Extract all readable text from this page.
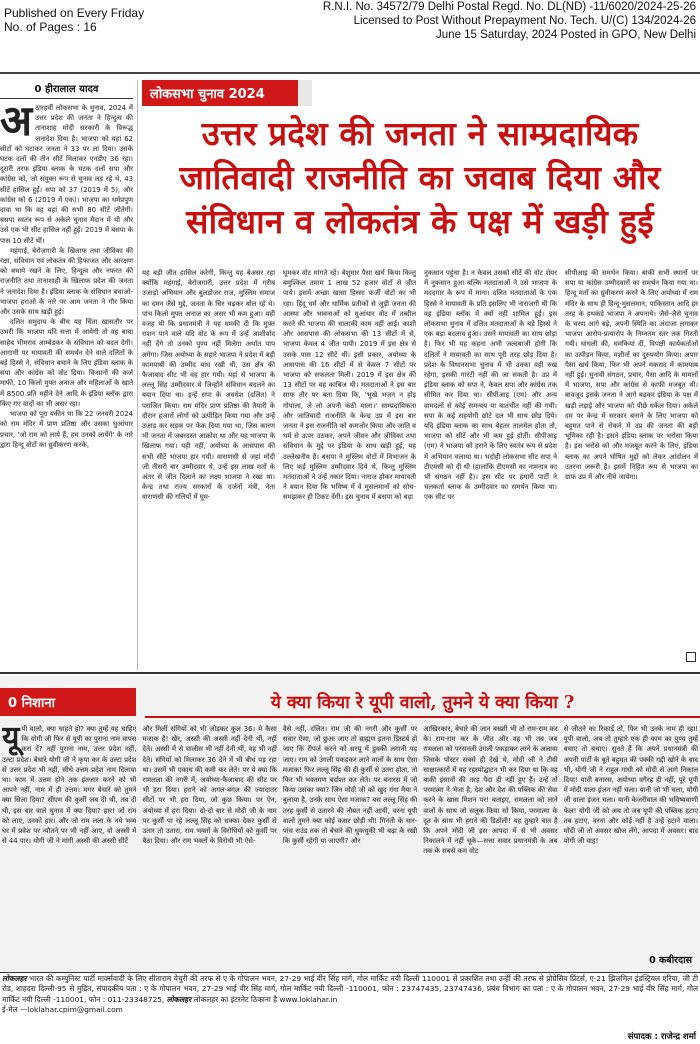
Published on Every Friday
No. of Pages : 16
R.N.I. No. 34572/79 Delhi Postal Regd. No. DL(ND) -11/6020/2024-25-26
Licensed to Post Without Prepayment No. Tech. U/(C) 134/2024-26
June 15 Saturday, 2024 Posted in GPO, New Delhi
0 हीरालाल यादव
अ ठारहवीं लोकसभा के चुनाव, 2024 में उत्तर प्रदेश की जनता ने हिन्दुत्व की तानाशाह मोदी सरकारी के विरूद्ध जनादेश दिया है। भाजपा को यहां 62 सीटों को घटाकर जनता ने 33 पर ला दिया। उसके घटक दलों की तीन सीटें मिलाकर एनडीए 36 रहा। दूसरी तरफ इंडिया ब्लाक के घटक दलों सपा और कांग्रेस को, जो संयुक्त रूप से चुनाव लड़ रहे थे, 43 सीटें हासिल हुईं। सपा को 37 (2019 में 5), और कांग्रेस को 6 (2019 में एक)। भाजपा का धर्मप्रपुण दावा था कि वह यहां की सभी 80 सीटें जीतेगी। बसपा स्वतंत्र रूप से अकेले चुनाव मैदान में थी और उसे एक भी सीट हासिल नहीं हुई। 2019 में बसपा के पास 10 सीटें थीं।

महंगाई, बेरोजगारी के खिलाफ तथा जीविका की रक्षा, संविधान एवं लोकतंत्र की हिफाजत और आरक्षण को बचाये रखने के लिए, हिन्दुत्व और नफरत की राजनीति तथा तानाशाही के खिलाफ प्रदेश की जनता ने जनादेश दिया है। इंडिया ब्लाक के संविधान बचाओ-भाजपा हराओ के नारे पर आम जनता ने गौर किया और उसके साथ खड़ी हुई।

दलित समुदाय के बीच यह चिंता खासतौर पर उभरी कि भाजपा यदि सत्ता में आयेगी तो वह बाबा साहेब भीमराव आम्बेडकर के संविधान को बदल देगी। आगामी पर मायावती की समर्थन देने वाले दलितों के बड़े हिस्से ने, संविधान बचाने के लिए इंडिया ब्लाक के सपा और कांग्रेस को वोट दिया। किसानों की कर्ज माफी, 10 किलो मुफ्त अनाज और महिलाओं के खाते में 8500 प्रति महीने देने आदि के इंडिया ब्लॉक द्वारा किए गए वादों का भी असर रहा।

भाजपा को पूरा यकीन था कि 22 जनवरी 2024 को राम मंदिर में प्राण प्रतिष्ठा और उसका धुआंधार प्रचार, 'जो राम को लाये हैं, हम उनको लायेंगे' के नारे द्वारा हिन्दू वोटों का ध्रुवीकरण करके,

लोकसभा चुनाव 2024
उत्तर प्रदेश की जनता ने साम्प्रदायिक
जातिवादी राजनीति का जवाब दिया और
संविधान व लोकतंत्र के पक्ष में खड़ी हुई
यह बड़ी जीत हासिल करेगी, किन्तु यह बेअसर रहा क्योंकि महंगाई, बेरोजगारी, उत्तर प्रदेश में गरीब उजाड़ो अभियान और बुलडोजर राज, मुस्लिम समाज का दमन जैसे मुद्दे, जनता के सिर चढ़कर बोल रहे थे। पांच किलो मुफ्त अनाज का असर भी कम हुआ। यही वजह थी कि प्रधानमंत्री ने यह धमकी दी कि मुफ्त राशन पाने वाले यदि वोट के रूप में उन्हें आशीर्वाद नहीं देंगे तो उनको पुण्य नहीं मिलेगा अर्थात पाप लगेगा। जिस अयोध्या के सहारे भाजपा ने प्रदेश में बड़ी कामयाबी की उम्मीद बांध रखी थी, उस क्षेत्र की फैजाबाद सीट भी वह हार गयी। यहां से भाजपा के लल्लू सिंह उम्मीदवार थे जिन्होंने संविधान बदलने का बयान दिया था। इन्हें सपा के अवधेश (दलित) ने पराजित किया। राम मंदिर प्राण प्रतिष्ठा की तैयारी के दौरान हजारों लोगों को उत्पीड़ित किया गया और उन्हें उजाड़ कर सड़क पर फेंक दिया गया था, जिस कारण भी जनता में जबरदस्त आक्रोश था और यह भाजपा के खिलाफ गया। यही नहीं, अयोध्या के आसपास की सभी सीटें भाजपा हार गयी। वाराणसी से जहां मोदी जी तीसरी बार उम्मीदवार थे, उन्हें इस लाख मतों के अंतर से जीत दिलाने का लक्ष्य भाजपा ने रखा था। केन्द्र तथा राज्य सरकारों के दर्जनों मंत्री, नेता वाराणसी की गलियों में घूम-
घूमकर वोट मांगते रहे। बेशुमार पैसा खर्च किया किन्तु बमुश्किल तमाम 1 लाख 52 हजार वोटों से जीत पाये। इसमें अच्छा खासा हिस्सा फर्जी वोटों का भी रहा। हिंदू धर्म और धार्मिक प्रतीकों से जुड़ी जनता की आस्था और भावनाओं को धुआंधार वोट में तब्दील करने की भाजपा की चालाकी काम नहीं आई। काशी और आसपास की लोकसभा की 13 सीटों में से, भाजपा केवल 4 जीत पायी। 2019 में इस क्षेत्र से उसके पास 12 सीटें थीं। इसी प्रकार, अयोध्या के आसपास की 16 सीटों में से केवल 7 सीटों पर भाजपा को सफलता मिली। 2019 में इस क्षेत्र की 13 सीटों पर वह काबिज थी। मतदाताओं ने इस बार साफ तौर पर बता दिया कि, 'भूखे भजन न होइ गोपाला, ले लो अपनी कंठी माला।' साम्प्रदायिकता और जातिवादी राजनीति के केन्द्र उप्र में इस बार जनता ने इस राजनीति को कमजोर किया और जाति व धर्म से ऊपर उठकर, अपने जीवन और जीविका तथा संविधान के मुद्दे पर इंडिया के साथ खड़ी हुई, यह उल्लेखनीय है। बसपा ने मुस्लिम वोटों में विभाजन के लिए कई मुस्लिम उम्मीदवार दिये थे, किन्तु मुस्लिम मतदाताओं ने उन्हें नकार दिया। नाराज होकर मायावती ने बयान दिया कि भविष्य में वे मुसलमानों को सोच-समझकर ही टिकट देंगी। इस चुनाव में बसपा को बड़ा
नुकसान पहुंचा है। न केवल उसको सीटें की वोट शेयर में नुकसान हुआ बल्कि मतदाताओं ने उसे भाजपा के मददगार के रूप में माना। दलित मतदाताओं के एक हिस्से ने मायावती के प्रति इसलिए भी नाराजगी थी कि वह इंडिया ब्लॉक में क्यों नहीं शामिल हुईं। इस लोकसभा चुनाव में दलित मतदाताओं के बड़े हिस्से ने एक बड़ा बदलाव हुआ। उसने मायावती का साथ छोड़ा है। फिर भी यह कहना अभी जल्दबाजी होगी कि दलितों ने मायावती का साथ पूरी तरह छोड़ दिया है। प्रदेश के विधानसभा चुनाव में भी उनका वही रुख रहेगा, इसकी गारंटी नहीं की जा सकती है। उप्र में इंडिया ब्लाक को सपा ने, केवल सपा और कांग्रेस तक सीमित कर दिया था। सीपीआइ (एम) और अन्य वामदलों से कोई समन्वय या बातचीत नहीं की गयी। सपा के कई सहयोगी छोटे दल भी साथ छोड़ दिये। यदि इंडिया ब्लाक का साथ बेहतर तालमेल होता तो, भाजपा को सीटें और भी कम हुई होतीं। सीपीआइ (एम) ने भाजपा को हराने के लिए स्वतंत्र रूप से प्रदेश में अभियान चलाया था। भदोही लोकसभा सीट सपा ने टीएमसी को दी थी (हालांकि टीएमसी का नामनात्र का भी संगठन नहीं है)। इस सीट पर हमारी पार्टी ने चलकर्ता ब्लाक के उम्मीदवार का समर्थन किया था। एक सीट पर
सीपीआइ की समर्थन किया। बाकी सभी स्थानों पर सपा या कांग्रेस उम्मीदवारों का समर्थन किया गया था। हिन्दू मतों का ध्रुवीकरण करने के लिए अयोध्या में राम मंदिर के साथ ही हिन्दू-मुसलमान, पाकिस्तान आदि हर तरह के हथकंडे भाजपा ने अपनाये। जैसे-जैसे चुनाव के चरण आगे बढ़े, अपनी स्थिति का अंदाजा लगाकर भाजपा आरोप-प्रत्यारोप के निम्नतम स्तर तक गिरती गयी। धांधली की, धमकियां दीं, विपक्षी कार्यकर्ताओं का उत्पीड़न किया, मशीनों का दुरुपयोग किया। अपार पैसा खर्च किया, फिर भी अपने मकसद में कामयाब नहीं हुई। चुनावी संगठन, प्रचार, पैसा आदि के मामलों में भाजपा, सपा और कांग्रेस से काफी मजबूत थी। बावजूद इसके जनता ने आगे बढ़कर इंडिया के पक्ष में खड़ी लड़ाई और भाजपा को पीछे धकेल दिया। अकेले दम पर केन्द्र में सरकार बनाने के लिए भाजपा को बहुमत पाने से रोकने में उप्र की जनता की बड़ी भूमिका रही है। इसने इंडिया ब्लाक पर भरोसा किया है। इस भरोसे को और मजबूत करने के लिए, इंडिया ब्लाक का अपने घोषित मुद्दों को लेकर आंदोलन में उतरना जरूरी है। इसमें निहित रूप से भाजपा का ग्राफ उप्र में और नीचे जायेगा।
0 निशाना	ये क्या किया रे यूपी वालो, तुमने ये क्या किया ?
यू पी वालो, क्या चाहते हो? क्या तुम्हें यह चाहिए कि योगी जी फिर से यूपी का पुराना नाम वापस करा दें? नहीं पुराना नाम, उत्तर प्रदेश नहीं, उल्टा प्रदेश। बेचारे योगी जी ने कृपा कर के उल्टा प्रदेश से उत्तर प्रदेश भी नहीं, सीधे उत्तम प्रदेश नाम दिलाया था। काम में उत्तम होने तक इंतजार करने को भी आपने नहीं, नाम में ही उत्तम। मगर बेचारे को तुमने क्या सिला दिया? सीएम की कुर्सी जब दी थी, तब दी थी, इस बार वाले चुनाव में क्या दिया? हार! जो राम को लाए, उनको हार। और जो राम लला के नये भव्य घर में प्रवेश पर न्यौतने पर भी नहीं आए, वो अस्सी में से 44 पार। योगी जी ने मांगी अस्सी की अस्सी सीटें
और मिलीं संगियों को भी जोड़कर कुल 36। ये कैसा मजाक है! खैर, अस्सी की अस्सी नहीं देनी थीं, नहीं देते। अस्सी में से चालीस भी नहीं देनी थीं, वह भी नहीं देते। संगियों को मिलाकर 36 देने में भी बीच पड़ रहा था। उसमें भी एकाध की कमी कर लेते। पर ये क्या कि रामलला की नगरी में, अयोध्या-फैजाबाद की सीट पर भी हरा दिया। हराने को अगल-बगल की ज्यादातर सीटों पर भी हरा दिया, जो कुछ किया। पर ऐन, अयोध्या में हरा दिया। दो-दो बार से मोदी जी के नाम पर कुर्सी पा रहे लल्लू सिंह को धक्का देकर कुर्सी से उतार तो उतारा, राम भक्तों के विरोधियों को कुर्सी पर बैठा दिया। और राम भक्तों के विरोधी भी ऐसे-
वैसे नहीं, दलित। राम जी की नगरी और कुर्सी पर सवार ऐसा, जो छुआ जाए तो ब्राह्मण इतना डिस्टर्ब हो जाए कि रीपर्ज करने को सरयू में डुबकी लगानी पड़ जाए। राम को उंगली पकड़कर लाने वालों के साथ ऐसा मजाक! फिर लल्लू सिंह की ही कुर्सी से उतरा होता, तो फिर भी भक्तगण बर्दाश्त कर लेते। पर बनारस में जो किया उसका क्या? जिन मोदी जी को खुद गंगा मैया ने बुलाया है, उनके साथ ऐसा मजाक? बस लल्लू सिंह की तरह कुर्सी से उतारने की नौबत नहीं आयी, वरना यूपी वालों तुमने क्या कोई कसर छोड़ी थी! गिनती के चार-पांच राउंड तक तो बेचारे की धुकधुकी भी बढ़ा के रखी कि कुर्सी रहेगी या जाएगी? और
आखिरकार, बेचारे की जान बख्शी भी तो राम-राम कर के। राम-राम कर के जीत और वह भी तब जब रामलला को परसनली उंगली पकड़ाकर लाने के अलावा जिसके पोस्टर सबसे ही देखे थे, मोदी जी ने टीवी साक्षात्कारों में यह रहस्योद्घाटन भी कर दिया था कि वह बाकी इंसानों की तरह पैदा ही नहीं हुए हैं। उन्हें तो परमात्मा ने भेजा है, देश और देश की पब्लिक की सेवा करने के खास मिशन पर! बताइए, रामलला को लाने वालों के साथ जो सलूक किया सो किया, परमात्मा के दूत के साथ भी हराने की डिठोली! यह तुम्हारे बात है कि अपने मोदी जी इस आपदा में से भी अवसर निकालने में नहीं चूके—सत्ता सवार प्रधानमंत्री के अब तक के सबसे कम वोट
से जीतने का रिकार्ड तो, फिर भी उनके नाम ही रहा! यूपी वालो, अब तो तुम्हारे एक ही काम का पुण्य तुम्हें बचाए तो बचाए। सुनते हैं कि अपने प्रधानमंत्री की अपनी पार्टी के बूते बहुमत की पक्की गद्दी खोने के बाद भी, योगी जी ने राहुल गांधी को मोदी से आगे निकाल दिया! यानी बनारस, अयोध्या वगैरह ही नहीं, पूरे यूपी में मोदी वाला इंजन नहीं चला। यानी जो भी चला, योगी जी वाला इंजन चला। यानी केजरीवाल की भविष्यवाणी फेल! योगी जी को अब तो जब यूपी की पब्लिक हटाए तब हटाए, वरना और कोई नहीं है उन्हें हटाने वाला। मोदी जी तो अवसर खोज लेंगे, आपदा में अवसर। बाद योगी जी वाह!
0 कबीरदास
लोकलहर भारत की कम्युनिस्ट पार्टी मार्क्सवादी के लिए सीताराम येचुरी की तरफ से ए के गोपालन भवन, 27-29 भाई वीर सिंह मार्ग, गोल मार्किट नयी दिल्ली 110001 से प्रकाशित तथा उन्हीं की तरफ से प्रोग्रेसिव प्रिंटर्स, ए-21 झिलमिल इंडस्ट्रियल एरिया, जी टी रोड, शाहदरा दिल्ली-95 से मुद्रित, संपादकीय पता : ए के गोपालन भवन, 27-29 भाई वीर सिंह मार्ग, गोल मार्किट नयी दिल्ली -110001, फोन : 23747435, 23747436, प्रबंध विभाग का पता : ए के गोपालन भवन, 27-29 भाई वीर सिंह मार्ग, गोल मार्किट नयी दिल्ली -110001, फोन : 011-23348725, लोकलहर लोकलहर का इंटरनेट ठिकाना है www.loklahar.in
ई-मेल —loklahar.cpim@gmail.com
संपादक : राजेन्द्र शर्मा
